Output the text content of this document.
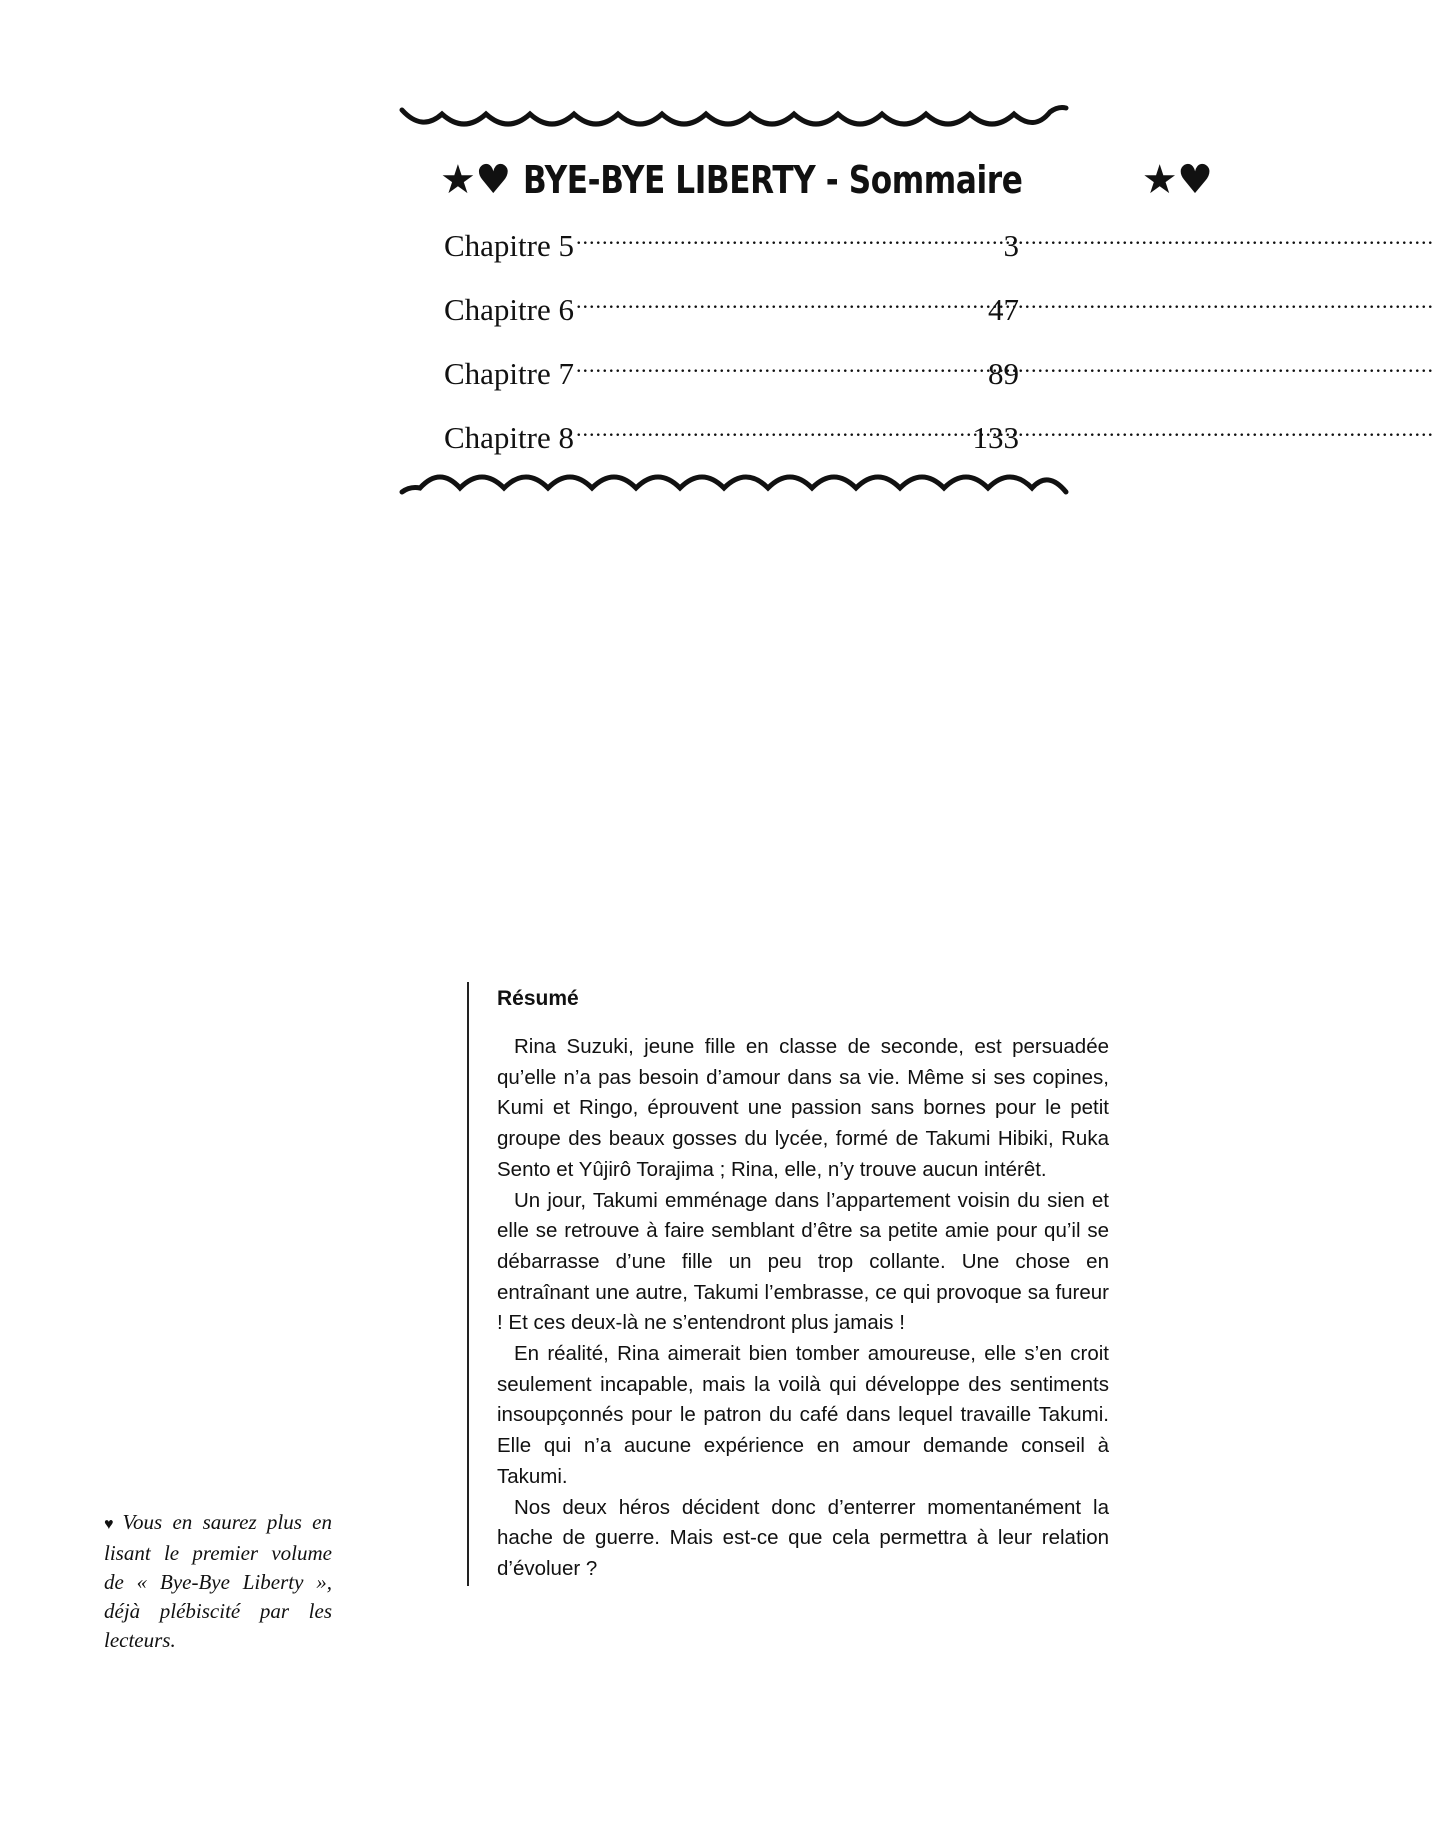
★♥ BYE-BYE LIBERTY - Sommaire	★♥
Chapitre 5 .....	3
Chapitre 6 .....	47
Chapitre 7 .....	89
Chapitre 8 .....	133
Résumé

Rina Suzuki, jeune fille en classe de seconde, est persuadée qu’elle n’a pas besoin d’amour dans sa vie. Même si ses copines, Kumi et Ringo, éprouvent une passion sans bornes pour le petit groupe des beaux gosses du lycée, formé de Takumi Hibiki, Ruka Sento et Yûjirô Torajima ; Rina, elle, n’y trouve aucun intérêt.

Un jour, Takumi emménage dans l’appartement voisin du sien et elle se retrouve à faire semblant d’être sa petite amie pour qu’il se débarrasse d’une fille un peu trop collante. Une chose en entraînant une autre, Takumi l’embrasse, ce qui provoque sa fureur ! Et ces deux-là ne s’entendront plus jamais !

En réalité, Rina aimerait bien tomber amoureuse, elle s’en croit seulement incapable, mais la voilà qui développe des sentiments insoupçonnés pour le patron du café dans lequel travaille Takumi. Elle qui n’a aucune expérience en amour demande conseil à Takumi.

Nos deux héros décident donc d’enterrer momentanément la hache de guerre. Mais est-ce que cela permettra à leur relation d’évoluer ?

♥ Vous en saurez plus en lisant le premier volume de « Bye-Bye Liberty », déjà plébiscité par les lecteurs.
